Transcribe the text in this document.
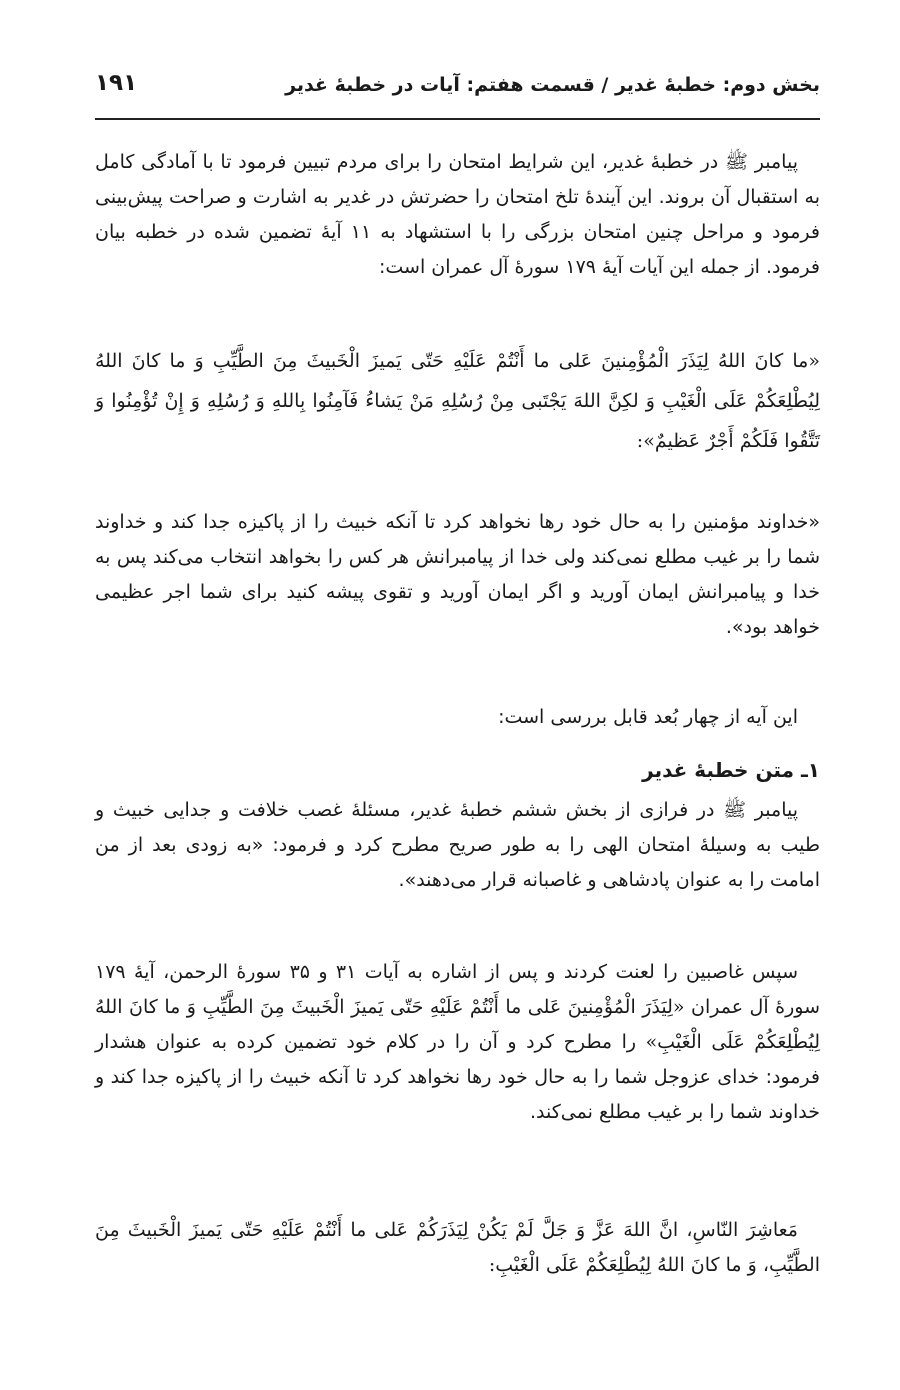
بخش دوم: خطبهٔ غدیر / قسمت هفتم: آیات در خطبهٔ غدیر
۱۹۱

پیامبر ﷺ در خطبهٔ غدیر، این شرایط امتحان را برای مردم تبیین فرمود تا با آمادگی کامل به استقبال آن بروند. این آیندهٔ تلخ امتحان را حضرتش در غدیر به اشارت و صراحت پیش‌بینی فرمود و مراحل چنین امتحان بزرگی را با استشهاد به ۱۱ آیهٔ تضمین شده در خطبه بیان فرمود. از جمله این آیات آیهٔ ۱۷۹ سورهٔ آل عمران است:

«ما کانَ اللهُ لِیَذَرَ الْمُؤْمِنینَ عَلی ما أَنْتُمْ عَلَیْهِ حَتّی یَمیزَ الْخَبیثَ مِنَ الطَّیِّبِ وَ ما کانَ اللهُ لِیُطْلِعَکُمْ عَلَی الْغَیْبِ وَ لکِنَّ اللهَ یَجْتَبی مِنْ رُسُلِهِ مَنْ یَشاءُ فَآمِنُوا بِاللهِ وَ رُسُلِهِ وَ إِنْ تُؤْمِنُوا وَ تَتَّقُوا فَلَکُمْ أَجْرٌ عَظیمٌ»:

«خداوند مؤمنین را به حال خود رها نخواهد کرد تا آنکه خبیث را از پاکیزه جدا کند و خداوند شما را بر غیب مطلع نمی‌کند ولی خدا از پیامبرانش هر کس را بخواهد انتخاب می‌کند پس به خدا و پیامبرانش ایمان آورید و اگر ایمان آورید و تقوی پیشه کنید برای شما اجر عظیمی خواهد بود».

این آیه از چهار بُعد قابل بررسی است:

۱ـ متن خطبهٔ غدیر

پیامبر ﷺ در فرازی از بخش ششم خطبهٔ غدیر، مسئلهٔ غصب خلافت و جدایی خبیث و طیب به وسیلهٔ امتحان الهی را به طور صریح مطرح کرد و فرمود: «به زودی بعد از من امامت را به عنوان پادشاهی و غاصبانه قرار می‌دهند».

سپس غاصبین را لعنت کردند و پس از اشاره به آیات ۳۱ و ۳۵ سورهٔ الرحمن، آیهٔ ۱۷۹ سورهٔ آل عمران «لِیَذَرَ الْمُؤْمِنینَ عَلی ما أَنْتُمْ عَلَیْهِ حَتّی یَمیزَ الْخَبیثَ مِنَ الطَّیِّبِ وَ ما کانَ اللهُ لِیُطْلِعَکُمْ عَلَی الْغَیْبِ» را مطرح کرد و آن را در کلام خود تضمین کرده به عنوان هشدار فرمود: خدای عزوجل شما را به حال خود رها نخواهد کرد تا آنکه خبیث را از پاکیزه جدا کند و خداوند شما را بر غیب مطلع نمی‌کند.

مَعاشِرَ النّاسِ، انَّ اللهَ عَزَّ وَ جَلَّ لَمْ یَکُنْ لِیَذَرَکُمْ عَلی ما أَنْتُمْ عَلَیْهِ حَتّی یَمیزَ الْخَبیثَ مِنَ الطَّیِّبِ، وَ ما کانَ اللهُ لِیُطْلِعَکُمْ عَلَی الْغَیْبِ:
